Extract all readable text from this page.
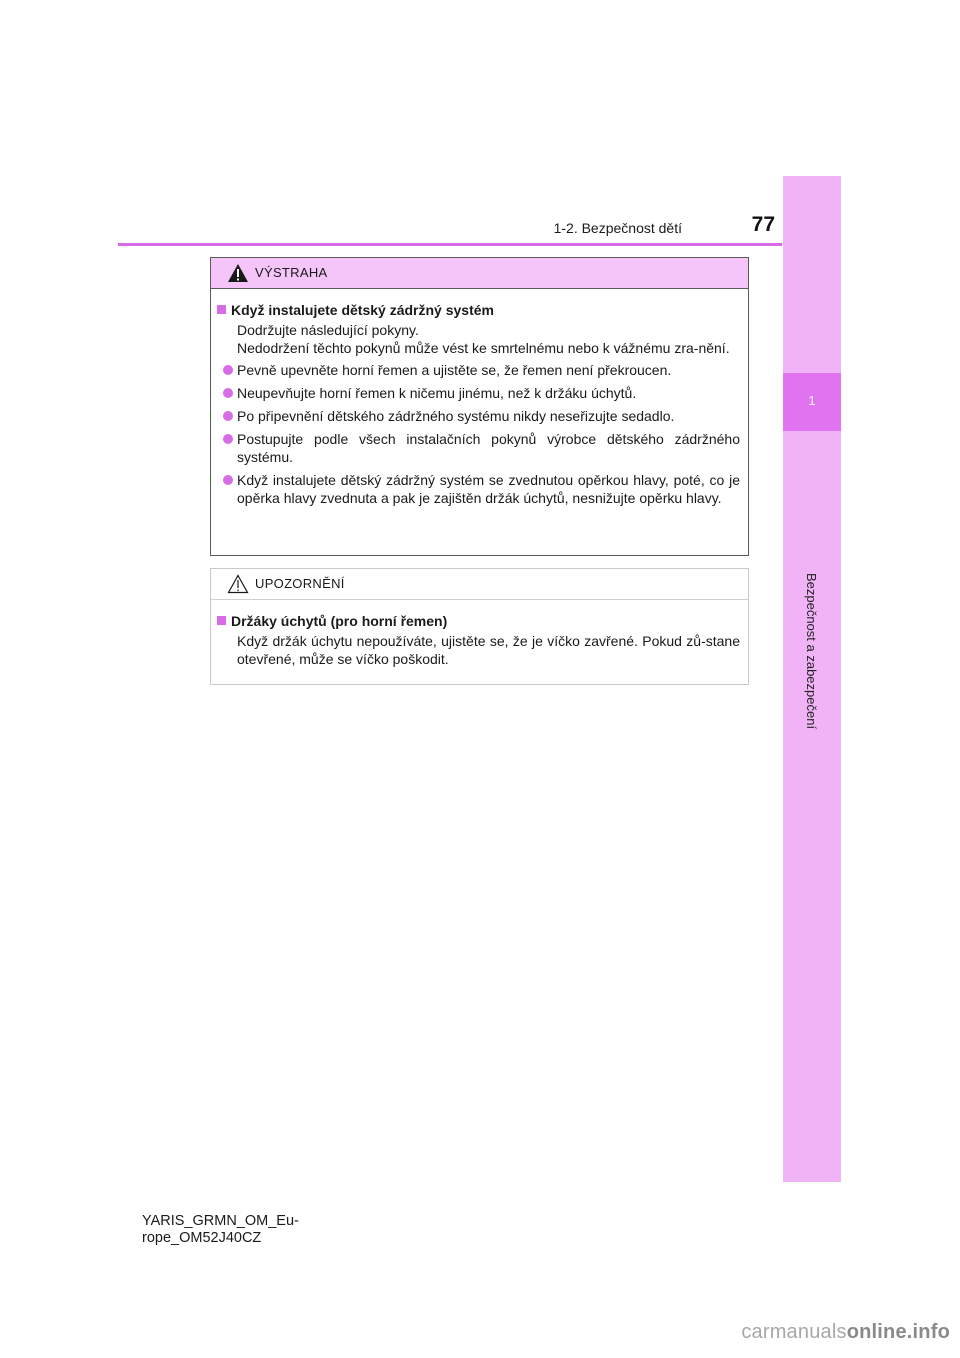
1
Bezpečnost a zabezpečení
1-2. Bezpečnost dětí	77
VÝSTRAHA
Když instalujete dětský zádržný systém
Dodržujte následující pokyny.
Nedodržení těchto pokynů může vést ke smrtelnému nebo k vážnému zra-nění.
Pevně upevněte horní řemen a ujistěte se, že řemen není překroucen.
Neupevňujte horní řemen k ničemu jinému, než k držáku úchytů.
Po připevnění dětského zádržného systému nikdy neseřizujte sedadlo.
Postupujte podle všech instalačních pokynů výrobce dětského zádržného systému.
Když instalujete dětský zádržný systém se zvednutou opěrkou hlavy, poté, co je opěrka hlavy zvednuta a pak je zajištěn držák úchytů, nesnižujte opěrku hlavy.
UPOZORNĚNÍ
Držáky úchytů (pro horní řemen)
Když držák úchytu nepoužíváte, ujistěte se, že je víčko zavřené. Pokud zů-stane otevřené, může se víčko poškodit.
YARIS_GRMN_OM_Eu-
rope_OM52J40CZ
carmanualsonline.info
